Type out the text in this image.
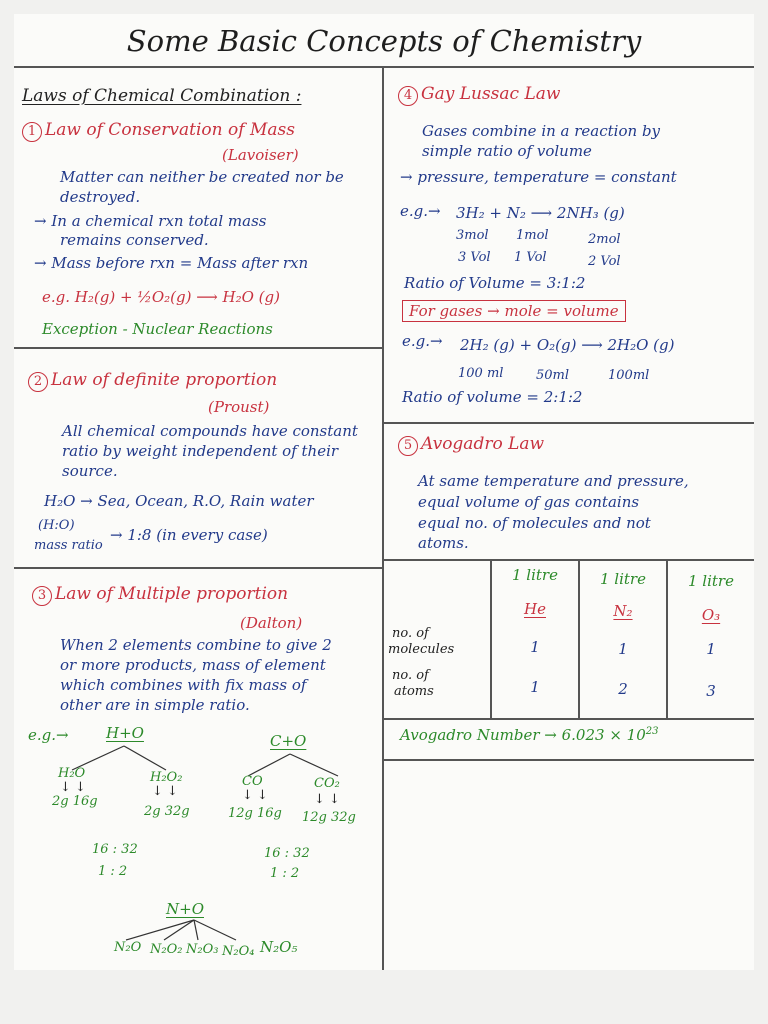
Some Basic Concepts of Chemistry
Laws of Chemical Combination :
1 Law of Conservation of Mass
(Lavoiser)
Matter can neither be created nor be
destroyed.
→ In a chemical rxn total mass
remains conserved.
→ Mass before rxn = Mass after rxn
e.g. H₂(g) + ½O₂(g) ⟶ H₂O (g)
Exception - Nuclear Reactions
2 Law of definite proportion
(Proust)
All chemical compounds have constant
ratio by weight independent of their
source.
H₂O → Sea, Ocean, R.O, Rain water
(H:O)
mass ratio
→ 1:8 (in every case)
3 Law of Multiple proportion
(Dalton)
When 2 elements combine to give 2
or more products, mass of element
which combines with fix mass of
other are in simple ratio.
e.g.→ H+O
H₂O
↓ ↓
2g 16g
H₂O₂
↓ ↓
2g 32g
16 : 32
1 : 2
C+O
CO
↓ ↓
12g 16g
CO₂
↓ ↓
12g 32g
16 : 32
1 : 2
N+O
N₂O N₂O₂ N₂O₃ N₂O₄ N₂O₅
4 Gay Lussac Law
Gases combine in a reaction by
simple ratio of volume
→ pressure, temperature = constant
e.g.→ 3H₂ + N₂ ⟶ 2NH₃ (g)
3mol 1mol	2mol
3 Vol 1 Vol	2 Vol
Ratio of Volume = 3:1:2
For gases → mole = volume
e.g.→ 2H₂ (g) + O₂(g) ⟶ 2H₂O (g)
100 ml	50ml	100ml
Ratio of volume = 2:1:2
5 Avogadro Law
At same temperature and pressure,
equal volume of gas contains
equal no. of molecules and not
atoms.
1 litre	1 litre	1 litre
He	N₂	O₃
no. of
molecules	1	1	1
no. of
atoms	1	2	3
Avogadro Number → $6.023 \times 10^{23}$
